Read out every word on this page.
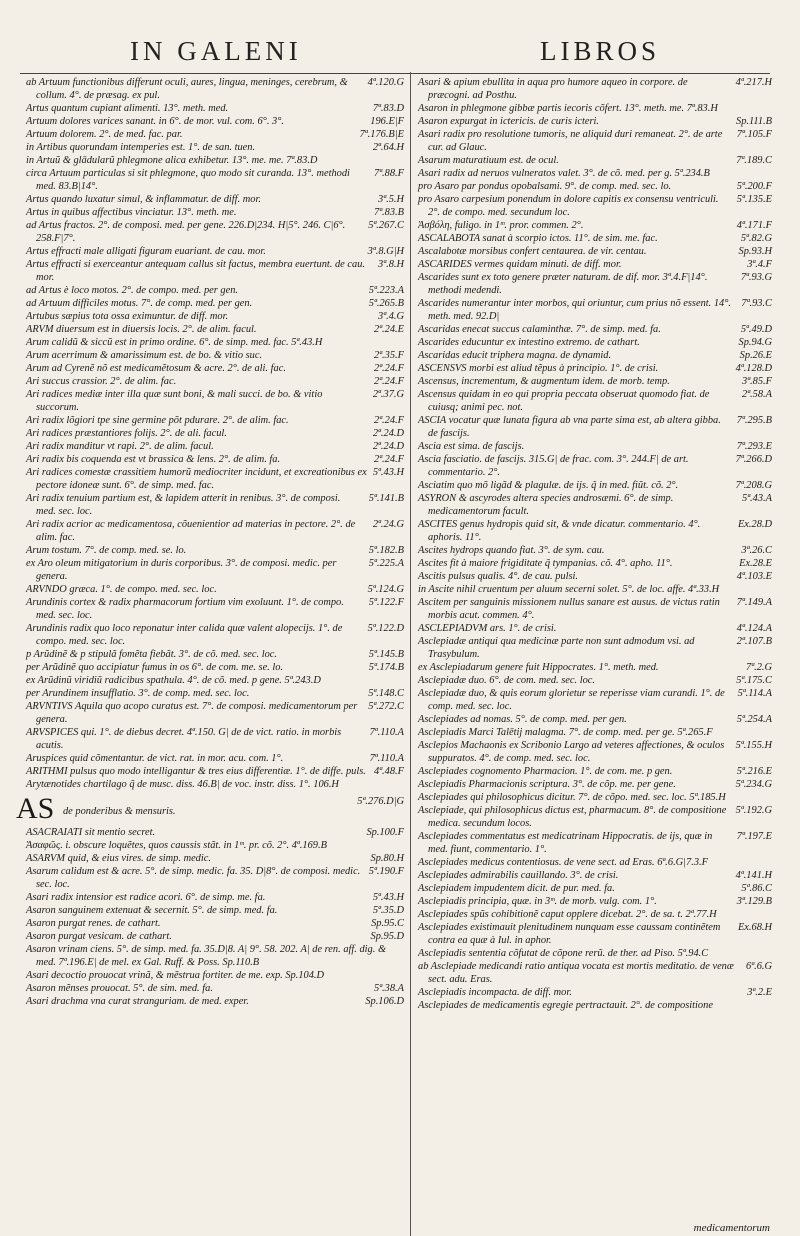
IN GALENI	LIBROS
4ª.120.G
ab Artuum functionibus differunt oculi, aures, lingua, meninges, cerebrum, & collum. 4°. de præsag. ex pul.
7ª.83.D
Artus quantum cupiant alimenti. 13°. meth. med.
196.E|F
Artuum dolores varices sanant. in 6°. de mor. vul. com. 6°. 3°.
7ª.176.B|E
Artuum dolorem. 2°. de med. fac. par.
2ª.64.H
in Artibus quorundam intemperies est. 1°. de san. tuen.
in Artuũ & glādularũ phlegmone alica exhibetur. 13°. me. me. 7ª.83.D
7ª.88.F
circa Artuum particulas si sit phlegmone, quo modo sit curanda. 13°. methodi med. 83.B|14°.
3ª.5.H
Artus quando luxatur simul, & inflammatur. de diff. mor.
7ª.83.B
Artus in quibus affectibus vinciatur. 13°. meth. me.
5ª.267.C
ad Artus fractos. 2°. de composi. med. per gene. 226.D|234. H|5°. 246. C|6°. 258.F|7°.
3ª.8.G|H
Artus effracti male alligati figuram euariant. de cau. mor.
3ª.8.H
Artus effracti si exerceantur antequam callus sit factus, membra euertunt. de cau. mor.
5ª.223.A
ad Artus è loco motos. 2°. de compo. med. per gen.
5ª.265.B
ad Artuum difficiles motus. 7°. de comp. med. per gen.
3ª.4.G
Artubus sæpius tota ossa eximuntur. de diff. mor.
2ª.24.E
ARVM diuersum est in diuersis locis. 2°. de alim. facul.
Arum calidũ & siccũ est in primo ordine. 6°. de simp. med. fac. 5ª.43.H
2ª.35.F
Arum acerrimum & amarissimum est. de bo. & vitio suc.
2ª.24.F
Arum ad Cyrenẽ nõ est medicamẽtosum & acre. 2°. de ali. fac.
2ª.24.F
Ari succus crassior. 2°. de alim. fac.
2ª.37.G
Ari radices mediæ inter illa quæ sunt boni, & mali succi. de bo. & vitio succorum.
2ª.24.F
Ari radix lõgiori tpe sine germine põt pdurare. 2°. de alim. fac.
2ª.24.D
Ari radices præstantiores folijs. 2°. de ali. facul.
2ª.24.D
Ari radix manditur vt rapi. 2°. de alim. facul.
2ª.24.F
Ari radix bis coquenda est vt brassica & lens. 2°. de alim. fa.
5ª.43.H
Ari radices comestæ crassitiem humorũ mediocriter incidunt, et excreationibus ex pectore idoneæ sunt. 6°. de simp. med. fac.
5ª.141.B
Ari radix tenuium partium est, & lapidem atterit in renibus. 3°. de composi. med. sec. loc.
2ª.24.G
Ari radix acrior ac medicamentosa, cõuenientior ad materias in pectore. 2°. de alim. fac.
5ª.182.B
Arum tostum. 7°. de comp. med. se. lo.
5ª.225.A
ex Aro oleum mitigatorium in duris corporibus. 3°. de composi. medic. per genera.
5ª.124.G
ARVNDO græca. 1°. de compo. med. sec. loc.
5ª.122.F
Arundinis cortex & radix pharmacorum fortium vim exoluunt. 1°. de compo. med. sec. loc.
5ª.122.D
Arundinis radix quo loco reponatur inter calida quæ valent alopecijs. 1°. de compo. med. sec. loc.
5ª.145.B
p Arũdinẽ & p stipulã fomẽta fiebãt. 3°. de cõ. med. sec. loc.
5ª.174.B
per Arũdinẽ quo accipiatur fumus in os 6°. de com. me. se. lo.
ex Arũdinũ viridiũ radicibus spathula. 4°. de cõ. med. p gene. 5ª.243.D
5ª.148.C
per Arundinem insufflatio. 3°. de comp. med. sec. loc.
5ª.272.C
ARVNTIVS Aquila quo acopo curatus est. 7°. de composi. medicamentorum per genera.
7ª.110.A
ARVSPICES qui. 1°. de diebus decret. 4ª.150. G| de de vict. ratio. in morbis acutis.
7ª.110.A
Aruspices quid cõmentantur. de vict. rat. in mor. acu. com. 1°.
4ª.48.F
ARITHMI pulsus quo modo intelligantur & tres eius differentiæ. 1°. de diffe. puls.
Arytænotides chartilago q̃ de musc. diss. 46.B| de voc. instr. diss. 1°. 106.H
5ª.276.D|G
AS de ponderibus & mensuris.
Sp.100.F
ASACRAIATI sit mentio secret.
Ἀσαφῶς. i. obscure loquẽtes, quos caussis stãt. in 1ᵐ. pr. cõ. 2°. 4ª.169.B
Sp.80.H
ASARVM quid, & eius vires. de simp. medic.
5ª.190.F
Asarum calidum est & acre. 5°. de simp. medic. fa. 35. D|8°. de composi. medic. sec. loc.
5ª.43.H
Asari radix intensior est radice acori. 6°. de simp. me. fa.
5ª.35.D
Asaron sanguinem extenuat & secernit. 5°. de simp. med. fa.
Sp.95.C
Asaron purgat renes. de cathart.
Sp.95.D
Asaron purgat vesicam. de cathart.
Asaron vrinam ciens. 5°. de simp. med. fa. 35.D|8. A| 9°. 58. 202. A| de ren. aff. dig. & med. 7ª.196.E| de mel. ex Gal. Ruff. & Poss. Sp.110.B
Asari decoctio prouocat vrinã, & mẽstrua fortiter. de me. exp. Sp.104.D
5ª.38.A
Asaron mẽnses prouocat. 5°. de sim. med. fa.
Sp.106.D
Asari drachma vna curat stranguriam. de med. exper.
4ª.217.H
Asari & apium ebullita in aqua pro humore aqueo in corpore. de præcogni. ad Posthu.
Asaron in phlegmone gibbæ partis iecoris cõfert. 13°. meth. me. 7ª.83.H
Sp.111.B
Asaron expurgat in ictericis. de curis icteri.
7ª.105.F
Asari radix pro resolutione tumoris, ne aliquid duri remaneat. 2°. de arte cur. ad Glauc.
7ª.189.C
Asarum maturatiuum est. de ocul.
Asari radix ad neruos vulneratos valet. 3°. de cõ. med. per g. 5ª.234.B
5ª.200.F
pro Asaro par pondus opobalsami. 9°. de comp. med. sec. lo.
5ª.135.E
pro Asaro carpesium ponendum in dolore capitis ex consensu ventriculi. 2°. de compo. med. secundum loc.
4ª.171.F
Ἀσβόλη, fuligo. in 1ᵐ. pror. commen. 2°.
5ª.82.G
ASCALABOTA sanat à scorpio ictos. 11°. de sim. me. fac.
Sp.93.H
Ascalabotæ morsibus confert centaurea. de vir. centau.
3ª.4.F
ASCARIDES vermes quidam minuti. de diff. mor.
7ª.93.G
Ascarides sunt ex toto genere præter naturam. de dif. mor. 3ª.4.F|14°. methodi medendi.
7ª.93.C
Ascarides numerantur inter morbos, qui oriuntur, cum prius nõ essent. 14°. meth. med. 92.D|
5ª.49.D
Ascaridas enecat succus calaminthæ. 7°. de simp. med. fa.
Sp.94.G
Ascarides educuntur ex intestino extremo. de cathart.
Sp.26.E
Ascaridas educit triphera magna. de dynamid.
4ª.128.D
ASCENSVS morbi est aliud tẽpus à principio. 1°. de crisi.
3ª.85.F
Ascensus, incrementum, & augmentum idem. de morb. temp.
2ª.58.A
Ascensus quidam in eo qui propria peccata obseruat quomodo fiat. de cuiusq; animi pec. not.
7ª.295.B
ASCIA vocatur quæ lunata figura ab vna parte sima est, ab altera gibba. de fascijs.
7ª.293.E
Ascia est sima. de fascijs.
7ª.266.D
Ascia fasciatio. de fascijs. 315.G| de frac. com. 3°. 244.F| de art. commentario. 2°.
7ª.208.G
Asciatim quo mõ ligãd & plagulæ. de ijs. q̃ in med. fiũt. cõ. 2°.
5ª.43.A
ASYRON & ascyrodes altera species androsæmi. 6°. de simp. medicamentorum facult.
Ex.28.D
ASCITES genus hydropis quid sit, & vnde dicatur. commentario. 4°. aphoris. 11°.
3ª.26.C
Ascites hydrops quando fiat. 3°. de sym. cau.
Ex.28.E
Ascites fit à maiore frigiditate q̃ tympanias. cõ. 4°. apho. 11°.
4ª.103.E
Ascitis pulsus qualis. 4°. de cau. pulsi.
in Ascite nihil cruentum per aluum secerni solet. 5°. de loc. affe. 4ª.33.H
7ª.149.A
Ascitem per sanguinis missionem nullus sanare est ausus. de victus ratin morbis acut. commen. 4°.
4ª.124.A
ASCLEPIADVM ars. 1°. de crisi.
2ª.107.B
Asclepiadæ antiqui qua medicinæ parte non sunt admodum vsi. ad Trasybulum.
7ª.2.G
ex Asclepiadarum genere fuit Hippocrates. 1°. meth. med.
5ª.175.C
Asclepiadæ duo. 6°. de com. med. sec. loc.
5ª.114.A
Asclepiadæ duo, & quis eorum glorietur se reperisse viam curandi. 1°. de comp. med. sec. loc.
5ª.254.A
Asclepiades ad nomas. 5°. de comp. med. per gen.
Asclepiadis Marci Talētij malagma. 7°. de comp. med. per ge. 5ª.265.F
5ª.155.H
Asclepios Machaonis ex Scribonio Largo ad veteres affectiones, & oculos suppuratos. 4°. de comp. med. sec. loc.
5ª.216.E
Asclepiades cognomento Pharmacion. 1°. de com. me. p gen.
5ª.234.G
Asclepiadis Pharmacionis scriptura. 3°. de cõp. me. per gene.
Asclepiades qui philosophicus dicitur. 7°. de cõpo. med. sec. loc. 5ª.185.H
5ª.192.G
Asclepiade, qui philosophicus dictus est, pharmacum. 8°. de compositione medica. secundum locos.
7ª.197.E
Asclepiades commentatus est medicatrinam Hippocratis. de ijs, quæ in med. fiunt, commentario. 1°.
Asclepiades medicus contentiosus. de vene sect. ad Eras. 6ª.6.G|7.3.F
4ª.141.H
Asclepiades admirabilis cauillando. 3°. de crisi.
5ª.86.C
Asclepiadem impudentem dicit. de pur. med. fa.
3ª.129.B
Asclepiadis principia, quæ. in 3ᵐ. de morb. vulg. com. 1°.
Asclepiades spũs cohibitionẽ caput opplere dicebat. 2°. de sa. t. 2ª.77.H
Ex.68.H
Asclepiades existimauit plenitudinem nunquam esse caussam continẽtem contra ea quæ à Iul. in aphor.
Asclepiadis sententia cõfutat de cõpone rerũ. de ther. ad Piso. 5ª.94.C
6ª.6.G
ab Asclepiade medicandi ratio antiqua vocata est mortis meditatio. de venæ sect. adu. Eras.
3ª.2.E
Asclepiadis incompacta. de diff. mor.
Asclepiades de medicamentis egregie pertractauit. 2°. de compositione
medicamentorum
